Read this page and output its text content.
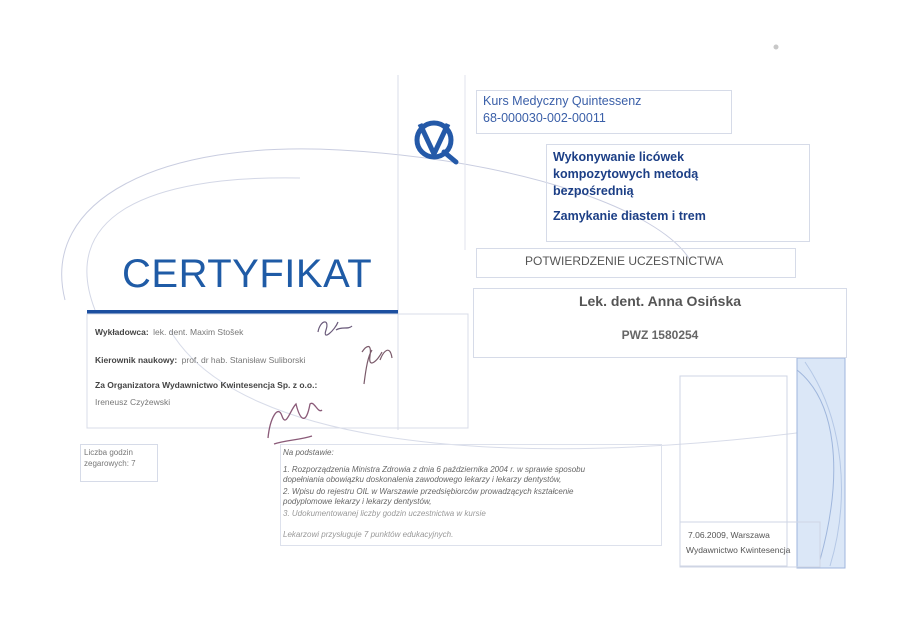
Kurs Medyczny Quintessenz
68-000030-002-00011
Wykonywanie licówek
kompozytowych metodą
bezpośrednią
Zamykanie diastem i trem
CERTYFIKAT	POTWIERDZENIE UCZESTNICTWA
Lek. dent. Anna Osińska
PWZ 1580254
Wykładowca: lek. dent. Maxim Stošek
Kierownik naukowy: prof. dr hab. Stanisław Suliborski
Za Organizatora Wydawnictwo Kwintesencja Sp. z o.o.:
Ireneusz Czyżewski
Liczba godzin
zegarowych: 7
Na podstawie:
1. Rozporządzenia Ministra Zdrowia z dnia 6 października 2004 r. w sprawie sposobu
dopełniania obowiązku doskonalenia zawodowego lekarzy i lekarzy dentystów,
2. Wpisu do rejestru OIL w Warszawie przedsiębiorców prowadzących kształcenie
podyplomowe lekarzy i lekarzy dentystów,
3. Udokumentowanej liczby godzin uczestnictwa w kursie
Lekarzowi przysługuje 7 punktów edukacyjnych.	7.06.2009, Warszawa
Wydawnictwo Kwintesencja
